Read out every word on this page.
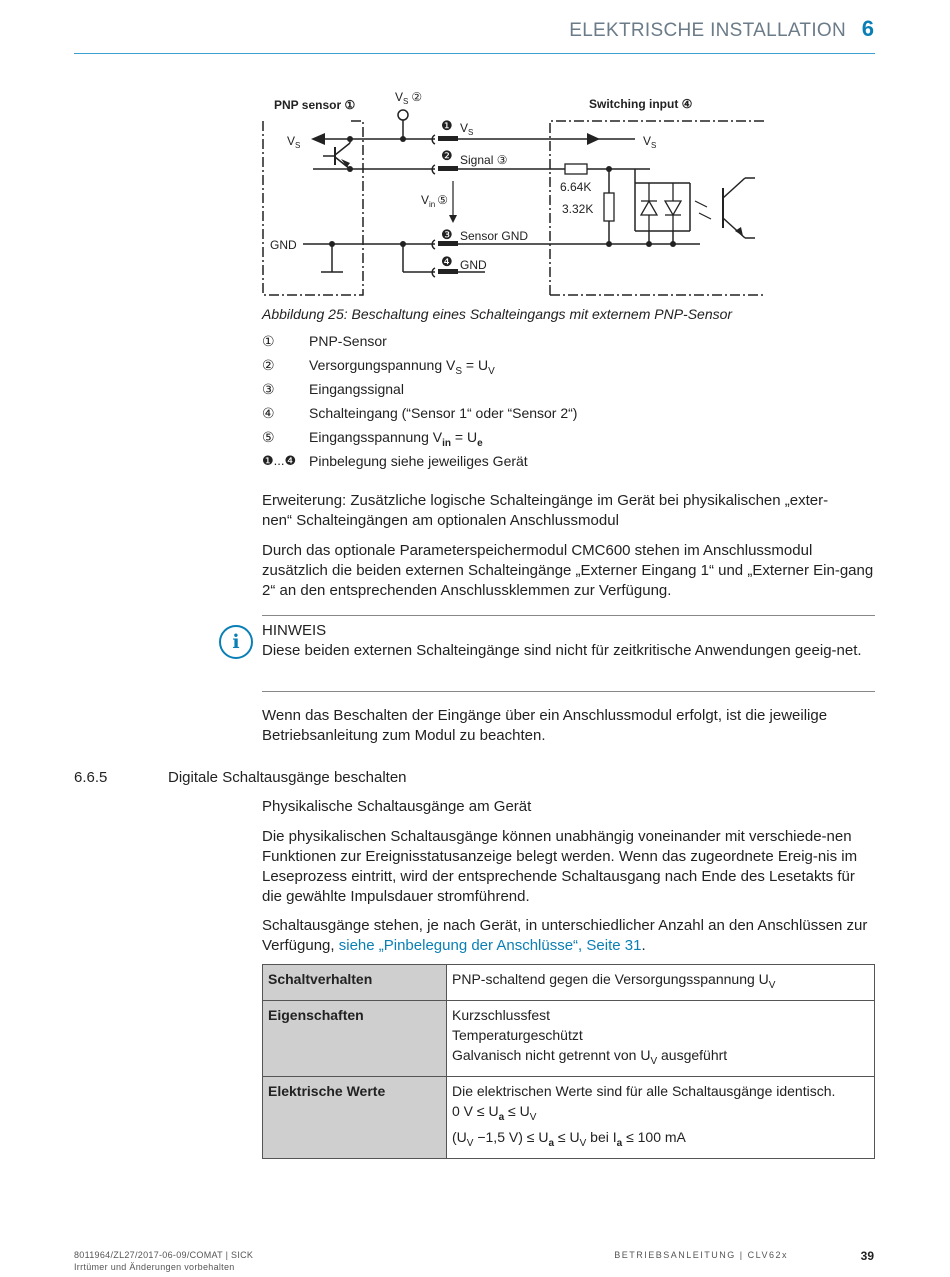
ELEKTRISCHE INSTALLATION 6
PNP sensor ①	Switching input ④
$V_S$ ②
$V_S$
GND
❶ $V_S$
❷ Signal ③
❸ Sensor GND
❹ GND
$V_{in}$ ⑤
$V_S$
6.64K
3.32K
Abbildung 25: Beschaltung eines Schalteingangs mit externem PNP-Sensor
①	PNP-Sensor
②	Versorgungspannung $V_S = U_V$
③	Eingangssignal
④	Schalteingang (“Sensor 1“ oder “Sensor 2“)
⑤	Eingangsspannung $V_{in} = U_e$
❶...❹ Pinbelegung siehe jeweiliges Gerät
Erweiterung: Zusätzliche logische Schalteingänge im Gerät bei physikalischen „exter-
nen“ Schalteingängen am optionalen Anschlussmodul
Durch das optionale Parameterspeichermodul CMC600 stehen im Anschlussmodul zusätzlich die beiden externen Schalteingänge „Externer Eingang 1“ und „Externer Ein-gang 2“ an den entsprechenden Anschlussklemmen zur Verfügung.
i
HINWEIS
Diese beiden externen Schalteingänge sind nicht für zeitkritische Anwendungen geeig-net.
Wenn das Beschalten der Eingänge über ein Anschlussmodul erfolgt, ist die jeweilige Betriebsanleitung zum Modul zu beachten.
6.6.5	Digitale Schaltausgänge beschalten
Physikalische Schaltausgänge am Gerät
Die physikalischen Schaltausgänge können unabhängig voneinander mit verschiede-nen Funktionen zur Ereignisstatusanzeige belegt werden. Wenn das zugeordnete Ereig-nis im Leseprozess eintritt, wird der entsprechende Schaltausgang nach Ende des Lesetakts für die gewählte Impulsdauer stromführend.
Schaltausgänge stehen, je nach Gerät, in unterschiedlicher Anzahl an den Anschlüssen zur Verfügung, siehe „Pinbelegung der Anschlüsse“, Seite 31.
Schaltverhalten	PNP-schaltend gegen die Versorgungsspannung $U_V$
Eigenschaften	Kurzschlussfest
Temperaturgeschützt
Galvanisch nicht getrennt von $U_V$ ausgeführt

Elektrische Werte	Die elektrischen Werte sind für alle Schaltausgänge identisch.
0 $V \le U_a \le U_V$
($U_V -1,5$ $V) \le U_a \le U_V$ bei $I_a \le 100$ mA
8011964/ZL27/2017-06-09/COMAT | SICK
Irrtümer und Änderungen vorbehalten
BETRIEBSANLEITUNG | CLV62x	39
